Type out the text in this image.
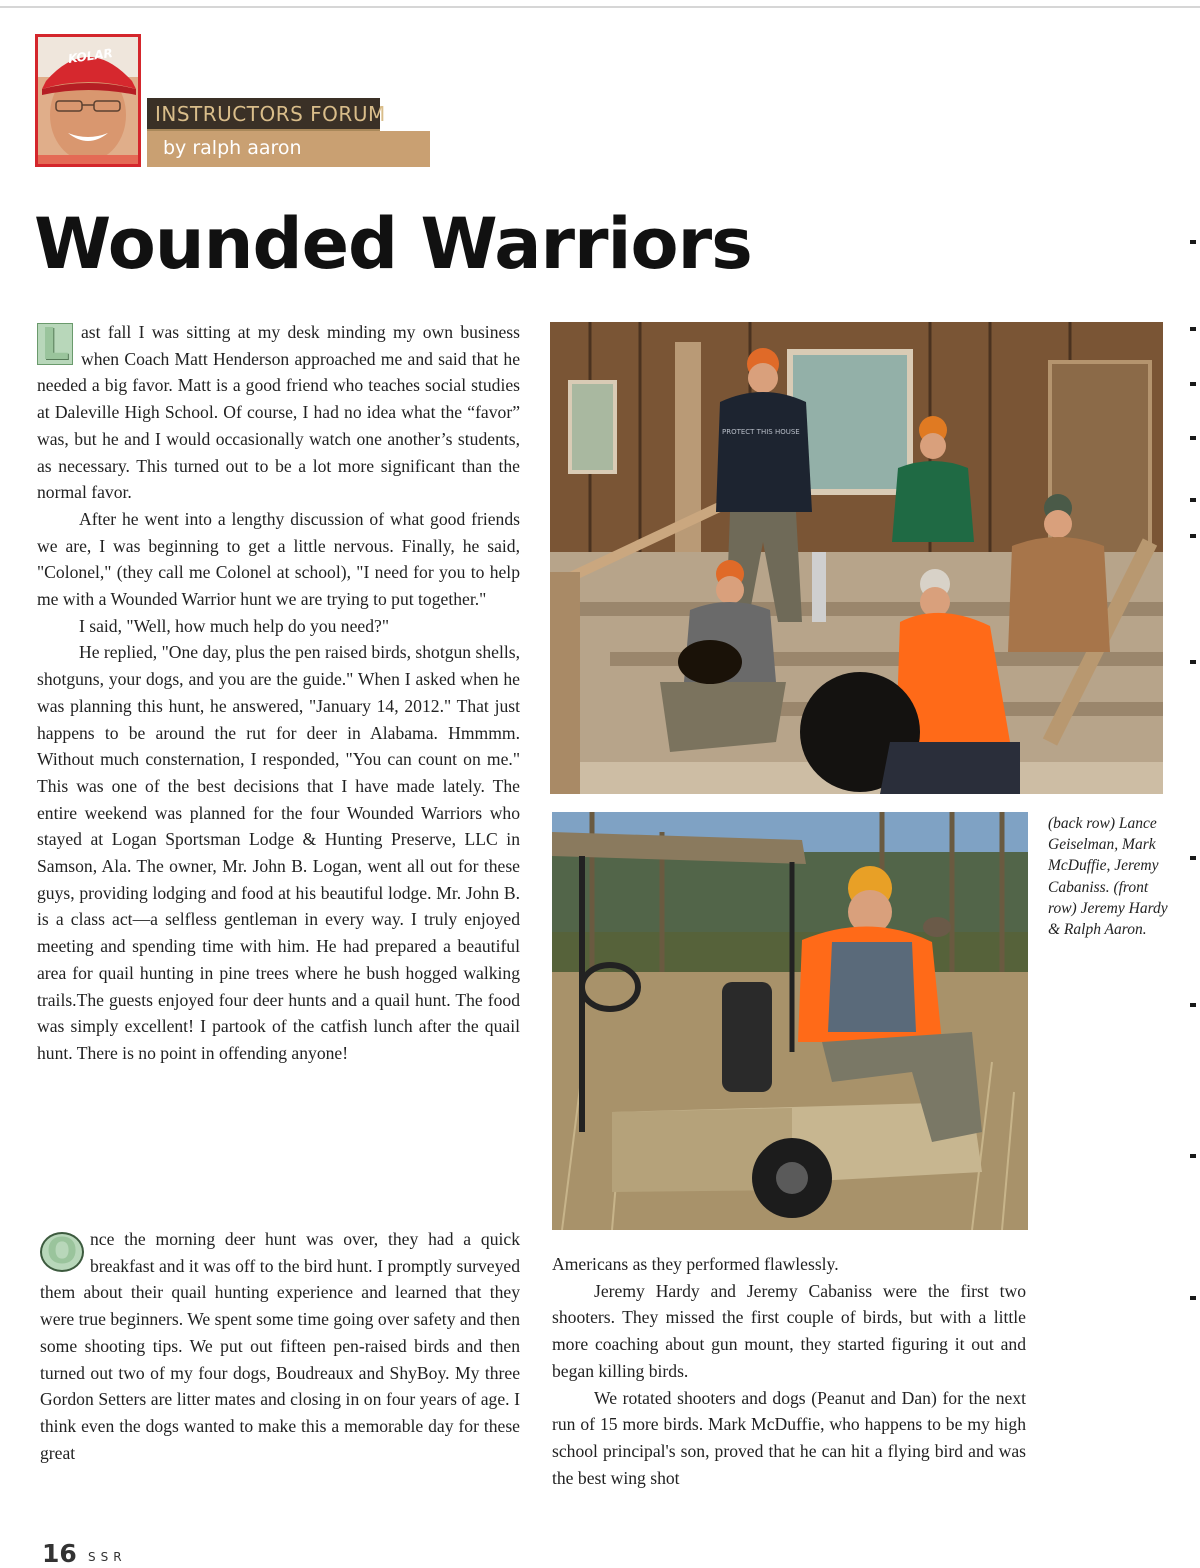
KOLAR
INSTRUCTORS FORUM
by ralph aaron
Wounded Warriors

L ast fall I was sitting at my desk minding my own business when Coach Matt Henderson approached me and said that he needed a big favor. Matt is a good friend who teaches social studies at Daleville High School. Of course, I had no idea what the “favor” was, but he and I would occasionally watch one another’s students, as necessary. This turned out to be a lot more significant than the normal favor.

After he went into a lengthy discussion of what good friends we are, I was beginning to get a little nervous. Finally, he said, "Colonel," (they call me Colonel at school), "I need for you to help me with a Wounded Warrior hunt we are trying to put together."

I said, "Well, how much help do you need?"

He replied, "One day, plus the pen raised birds, shotgun shells, shotguns, your dogs, and you are the guide." When I asked when he was planning this hunt, he answered, "January 14, 2012." That just happens to be around the rut for deer in Alabama. Hmmmm. Without much consternation, I responded, "You can count on me." This was one of the best decisions that I have made lately. The entire weekend was planned for the four Wounded Warriors who stayed at Logan Sportsman Lodge & Hunting Preserve, LLC in Samson, Ala. The owner, Mr. John B. Logan, went all out for these guys, providing lodging and food at his beautiful lodge. Mr. John B. is a class act—a selfless gentleman in every way. I truly enjoyed meeting and spending time with him. He had prepared a beautiful area for quail hunting in pine trees where he bush hogged walking trails.The guests enjoyed four deer hunts and a quail hunt. The food was simply excellent! I partook of the catfish lunch after the quail hunt. There is no point in offending anyone!

O nce the morning deer hunt was over, they had a quick breakfast and it was off to the bird hunt. I promptly surveyed them about their quail hunting experience and learned that they were true beginners. We spent some time going over safety and then some shooting tips. We put out fifteen pen-raised birds and then turned out two of my four dogs, Boudreaux and ShyBoy. My three Gordon Setters are litter mates and closing in on four years of age. I think even the dogs wanted to make this a memorable day for these great

Americans as they performed flawlessly.

Jeremy Hardy and Jeremy Cabaniss were the first two shooters. They missed the first couple of birds, but with a little more coaching about gun mount, they started figuring it out and began killing birds.

We rotated shooters and dogs (Peanut and Dan) for the next run of 15 more birds. Mark McDuffie, who happens to be my high school principal's son, proved that he can hit a flying bird and was the best wing shot

PROTECT THIS HOUSE
(back row) Lance Geiselman, Mark McDuffie, Jeremy Cabaniss. (front row) Jeremy Hardy & Ralph Aaron.
16 SSR
